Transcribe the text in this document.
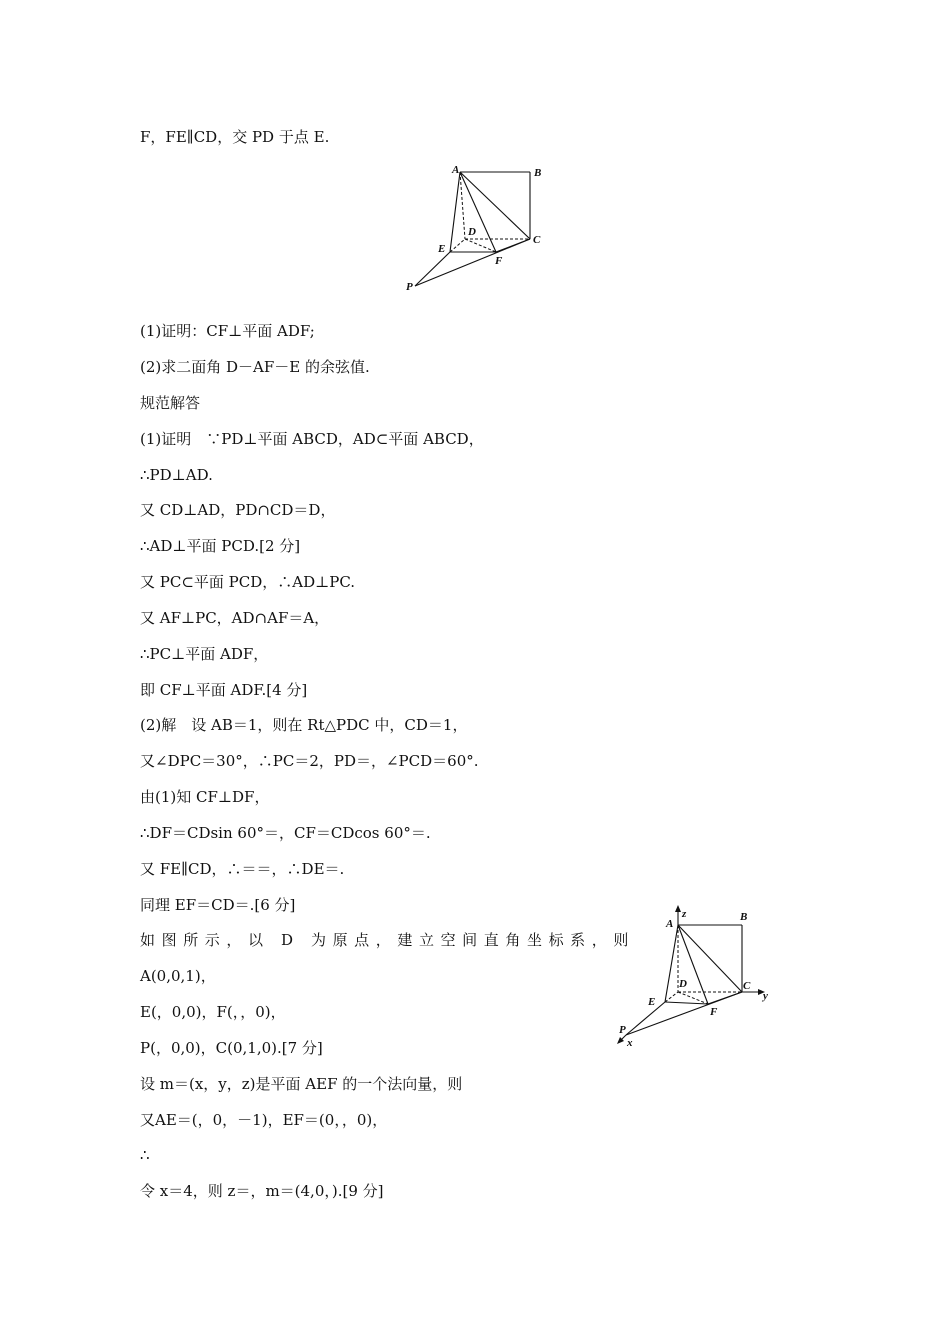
F，FE∥CD，交 PD 于点 E.
(1)证明：CF⊥平面 ADF;
(2)求二面角 D－AF－E 的余弦值.
规范解答
(1)证明　∵PD⊥平面 ABCD，AD⊂平面 ABCD，
∴PD⊥AD.
又 CD⊥AD，PD∩CD＝D，
∴AD⊥平面 PCD.[2 分]
又 PC⊂平面 PCD，∴AD⊥PC.
又 AF⊥PC，AD∩AF＝A，
∴PC⊥平面 ADF，
即 CF⊥平面 ADF.[4 分]
(2)解　设 AB＝1，则在 Rt△PDC 中，CD＝1，
又∠DPC＝30°，∴PC＝2，PD＝，∠PCD＝60°.
由(1)知 CF⊥DF，
∴DF＝CDsin 60°＝，CF＝CDcos 60°＝.
又 FE∥CD，∴＝＝，∴DE＝.
同理 EF＝CD＝.[6 分]
如图所示，以 D 为原点，建立空间直角坐标系，则
A(0,0,1)，
E(，0,0)，F(，，0)，
P(，0,0)，C(0,1,0).[7 分]
设 m＝(x，y，z)是平面 AEF 的一个法向量，则
又AE＝(，0，－1)，EF＝(0，，0)，
∴
令 x＝4，则 z＝，m＝(4,0，).[9 分]
A	B
C
D
E
F
P
A
B
C
D
E
F
P
x
y
z
